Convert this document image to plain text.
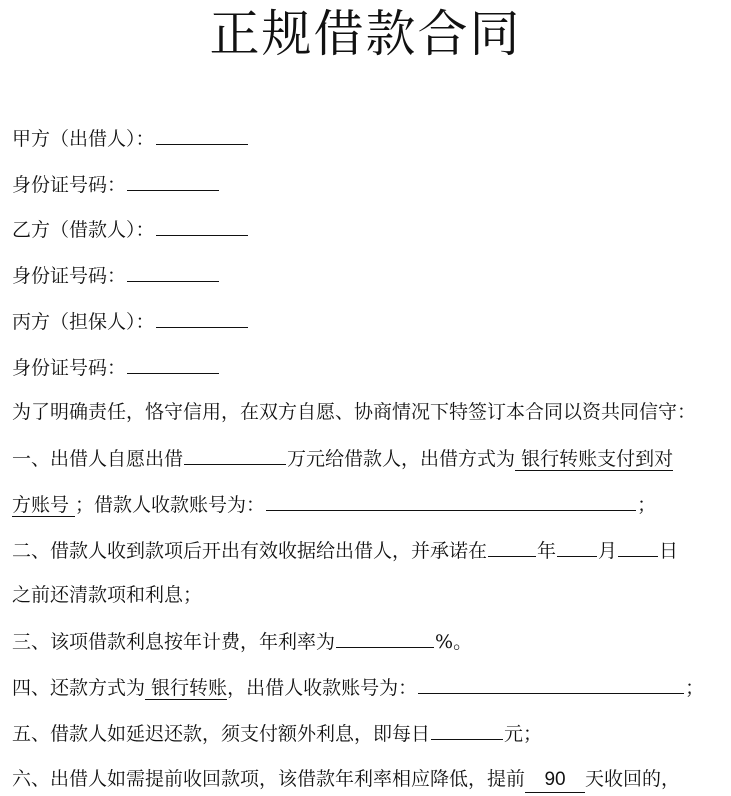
正规借款合同
甲方（出借人）：
身份证号码：
乙方（借款人）：
身份证号码：
丙方（担保人）：
身份证号码：
为了明确责任，恪守信用，在双方自愿、协商情况下特签订本合同以资共同信守：
一、出借人自愿出借	万元给借款人，出借方式为 银行转账支付到对
方账号 ；借款人收款账号为：	；
二、借款人收到款项后开出有效收据给出借人，并承诺在	年 月 日
之前还清款项和利息；
三、该项借款利息按年计费，年利率为	%。
四、还款方式为 银行转账，出借人收款账号为：	；
五、借款人如延迟还款，须支付额外利息，即每日	元；
六、出借人如需提前收回款项，该借款年利率相应降低，提前 90 天收回的，
